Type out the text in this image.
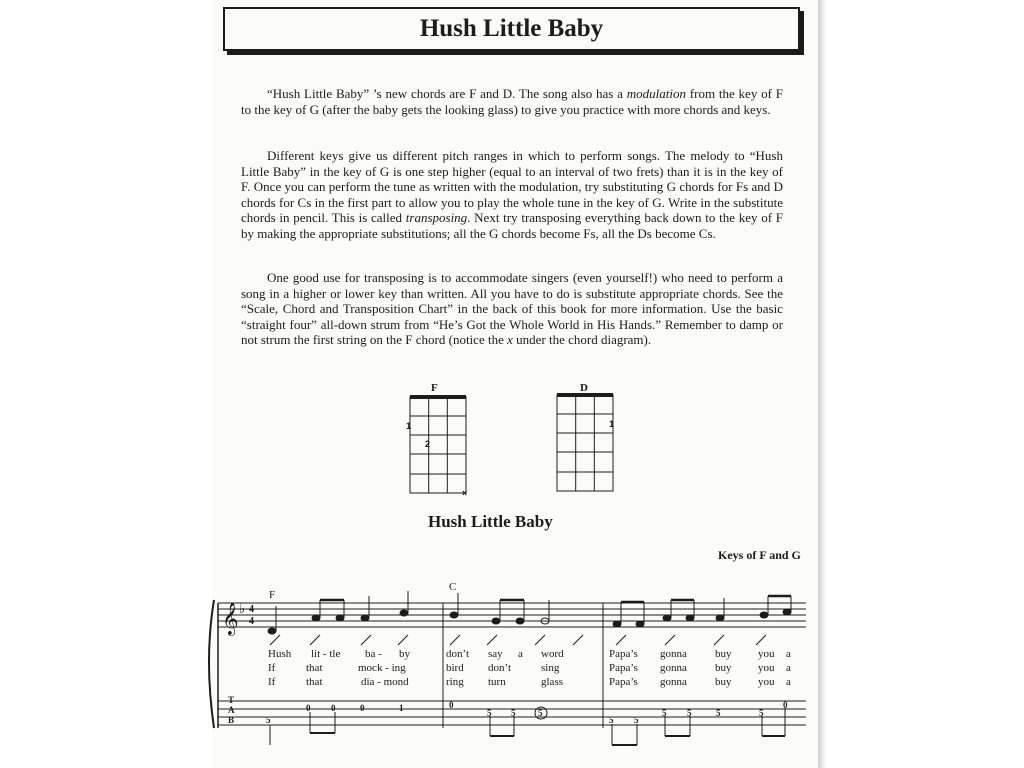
Hush Little Baby

“Hush Little Baby” ’s new chords are F and D. The song also has a modulation from the key of F to the key of G (after the baby gets the looking glass) to give you practice with more chords and keys.

Different keys give us different pitch ranges in which to perform songs. The melody to “Hush Little Baby” in the key of G is one step higher (equal to an interval of two frets) than it is in the key of F. Once you can perform the tune as written with the modulation, try substituting G chords for Fs and D chords for Cs in the first part to allow you to play the whole tune in the key of G. Write in the substitute chords in pencil. This is called transposing. Next try transposing everything back down to the key of F by making the appropriate substitutions; all the G chords become Fs, all the Ds become Cs.

One good use for transposing is to accommodate singers (even yourself!) who need to perform a song in a higher or lower key than written. All you have to do is substitute appropriate chords. See the “Scale, Chord and Transposition Chart” in the back of this book for more information. Use the basic “straight four” all-down strum from “He’s Got the Whole World in His Hands.” Remember to damp or not strum the first string on the F chord (notice the x under the chord diagram).

F	D
1
2
1
×
𝄞 ♭ 4
4
Hush Little Baby
Keys of F and G
F
C
T
A
B
Hush lit - tle ba - by	don’t say a word	Papa’s gonna	buy you a
If	that	mock - ing	bird don’t	sing	Papa’s gonna	buy you a
If	that	dia - mond	ring turn	glass	Papa’s gonna	buy you a
5
0 0	0	1	0
5 5	5
5 5
5 5	5	5
0
